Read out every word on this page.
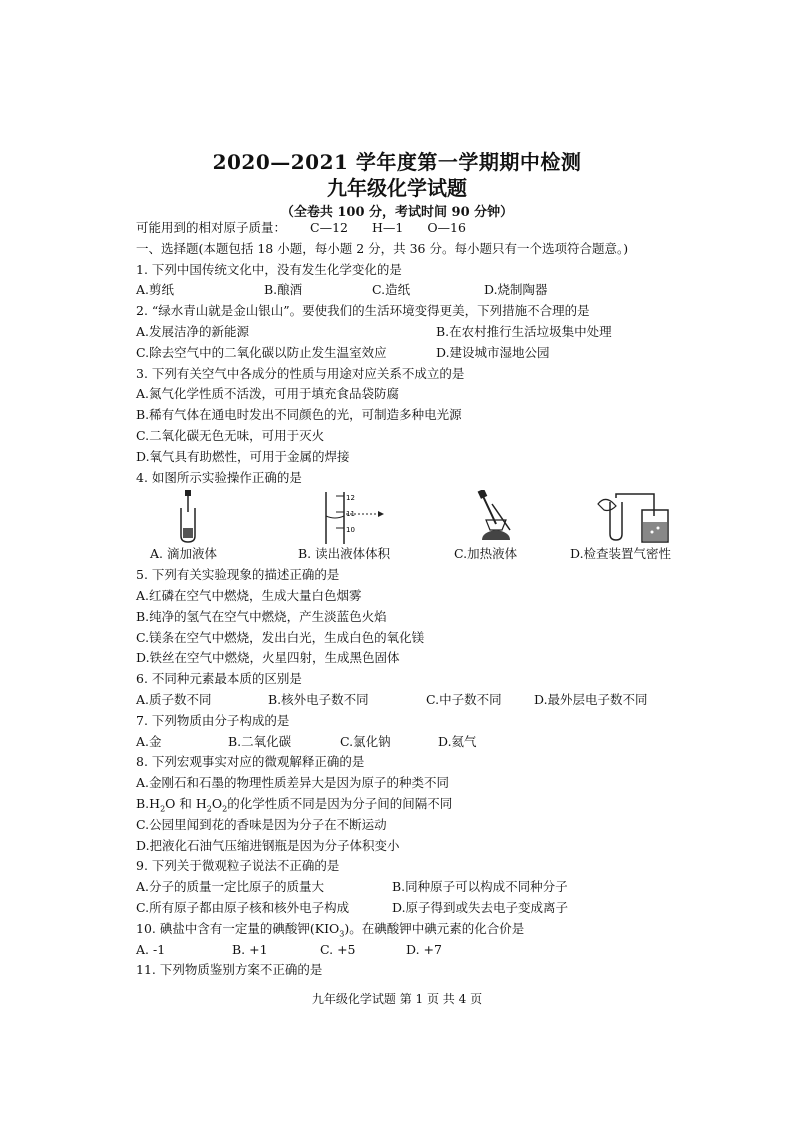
2020—2021 学年度第一学期期中检测
九年级化学试题
（全卷共 100 分，考试时间 90 分钟）
可能用到的相对原子质量： C—12 H—1 O—16
一、选择题(本题包括 18 小题，每小题 2 分，共 36 分。每小题只有一个选项符合题意。)
1. 下列中国传统文化中，没有发生化学变化的是
A.剪纸	B.酿酒	C.造纸	D.烧制陶器
2. “绿水青山就是金山银山”。要使我们的生活环境变得更美，下列措施不合理的是
A.发展洁净的新能源	B.在农村推行生活垃圾集中处理
C.除去空气中的二氧化碳以防止发生温室效应	D.建设城市湿地公园
3. 下列有关空气中各成分的性质与用途对应关系不成立的是
A.氮气化学性质不活泼，可用于填充食品袋防腐
B.稀有气体在通电时发出不同颜色的光，可制造多种电光源
C.二氧化碳无色无味，可用于灭火
D.氧气具有助燃性，可用于金属的焊接
4. 如图所示实验操作正确的是
12
11
10
A. 滴加液体	B. 读出液体体积	C.加热液体	D.检查装置气密性
5. 下列有关实验现象的描述正确的是
A.红磷在空气中燃烧，生成大量白色烟雾
B.纯净的氢气在空气中燃烧，产生淡蓝色火焰
C.镁条在空气中燃烧，发出白光，生成白色的氧化镁
D.铁丝在空气中燃烧，火星四射，生成黑色固体
6. 不同种元素最本质的区别是
A.质子数不同	B.核外电子数不同	C.中子数不同	D.最外层电子数不同
7. 下列物质由分子构成的是
A.金	B.二氧化碳	C.氯化钠	D.氦气
8. 下列宏观事实对应的微观解释正确的是
A.金刚石和石墨的物理性质差异大是因为原子的种类不同
$B.H_2O$ 和 $H_2O_2$的化学性质不同是因为分子间的间隔不同
C.公园里闻到花的香味是因为分子在不断运动
D.把液化石油气压缩进钢瓶是因为分子体积变小
9. 下列关于微观粒子说法不正确的是
A.分子的质量一定比原子的质量大	B.同种原子可以构成不同种分子
C.所有原子都由原子核和核外电子构成	D.原子得到或失去电子变成离子
10. 碘盐中含有一定量的碘酸钾$(KIO_3)$。在碘酸钾中碘元素的化合价是
A. -1	B. +1	C. +5	D. +7
11. 下列物质鉴别方案不正确的是
九年级化学试题 第 1 页 共 4 页
